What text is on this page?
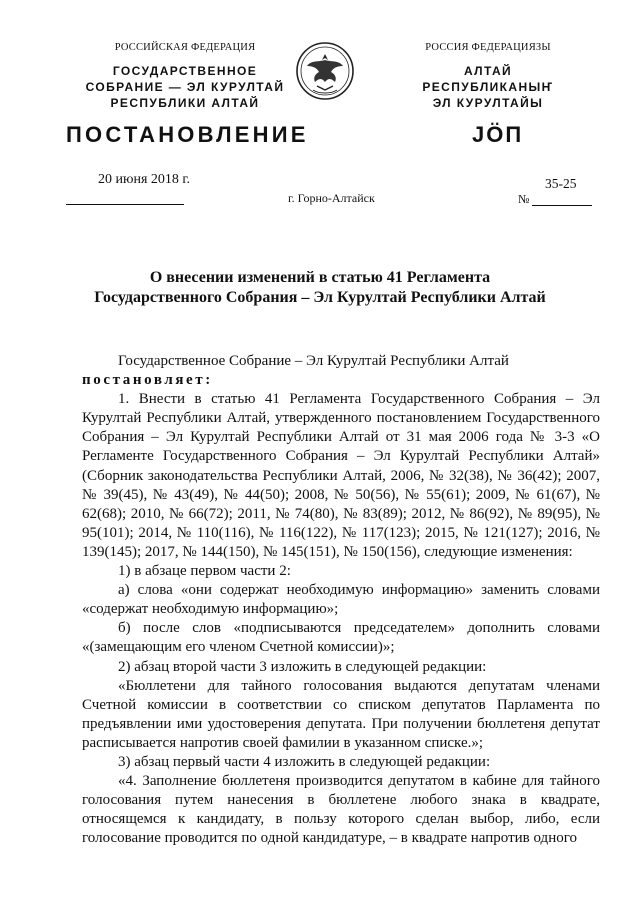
РОССИЙСКАЯ ФЕДЕРАЦИЯ
ГОСУДАРСТВЕННОЕ
СОБРАНИЕ — ЭЛ КУРУЛТАЙ
РЕСПУБЛИКИ АЛТАЙ
РОССИЯ ФЕДЕРАЦИЯЗЫ
АЛТАЙ РЕСПУБЛИКАНЫҤ
ЭЛ КУРУЛТАЙЫ
ПОСТАНОВЛЕНИЕ	JӦП
20 июня 2018 г.
г. Горно-Алтайск
35-25
№
О внесении изменений в статью 41 Регламента
Государственного Собрания – Эл Курултай Республики Алтай

Государственное Собрание – Эл Курултай Республики Алтай

постановляет:

1. Внести в статью 41 Регламента Государственного Собрания – Эл Курултай Республики Алтай, утвержденного постановлением Государственного Собрания – Эл Курултай Республики Алтай от 31 мая 2006 года № 3-3 «О Регламенте Государственного Собрания – Эл Курултай Республики Алтай» (Сборник законодательства Республики Алтай, 2006, № 32(38), № 36(42); 2007, № 39(45), № 43(49), № 44(50); 2008, № 50(56), № 55(61); 2009, № 61(67), № 62(68); 2010, № 66(72); 2011, № 74(80), № 83(89); 2012, № 86(92), № 89(95), № 95(101); 2014, № 110(116), № 116(122), № 117(123); 2015, № 121(127); 2016, № 139(145); 2017, № 144(150), № 145(151), № 150(156), следующие изменения:

1) в абзаце первом части 2:

а) слова «они содержат необходимую информацию» заменить словами «содержат необходимую информацию»;

б) после слов «подписываются председателем» дополнить словами «(замещающим его членом Счетной комиссии)»;

2) абзац второй части 3 изложить в следующей редакции:

«Бюллетени для тайного голосования выдаются депутатам членами Счетной комиссии в соответствии со списком депутатов Парламента по предъявлении ими удостоверения депутата. При получении бюллетеня депутат расписывается напротив своей фамилии в указанном списке.»;

3) абзац первый части 4 изложить в следующей редакции:

«4. Заполнение бюллетеня производится депутатом в кабине для тайного голосования путем нанесения в бюллетене любого знака в квадрате, относящемся к кандидату, в пользу которого сделан выбор, либо, если голосование проводится по одной кандидатуре, – в квадрате напротив одного
